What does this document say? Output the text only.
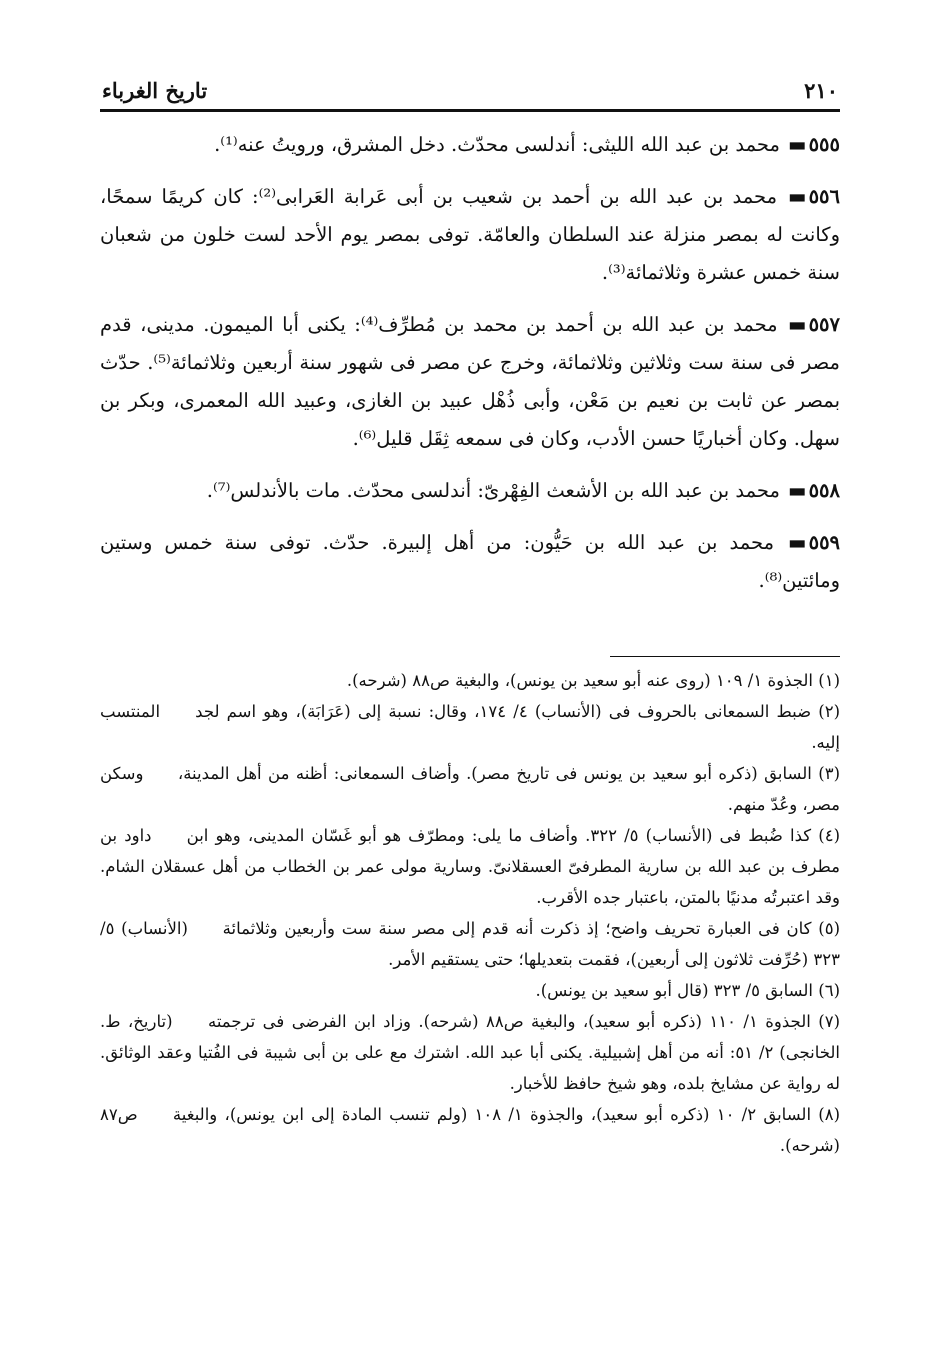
٢١٠
تاريخ الغرباء

٥٥٥▬ محمد بن عبد الله الليثى: أندلسى محدّث. دخل المشرق، ورويتُ عنه⁽¹⁾.

٥٥٦▬ محمد بن عبد الله بن أحمد بن شعيب بن أبى عَرابة العَرابى⁽²⁾: كان كريمًا سمحًا، وكانت له بمصر منزلة عند السلطان والعامّة. توفى بمصر يوم الأحد لست خلون من شعبان سنة خمس عشرة وثلاثمائة⁽³⁾.

٥٥٧▬ محمد بن عبد الله بن أحمد بن محمد بن مُطرِّف⁽⁴⁾: يكنى أبا الميمون. مدينى، قدم مصر فى سنة ست وثلاثين وثلاثمائة، وخرج عن مصر فى شهور سنة أربعين وثلاثمائة⁽⁵⁾. حدّث بمصر عن ثابت بن نعيم بن مَعْن، وأبى ذُهْل عبيد بن الغازى، وعبيد الله المعمرى، وبكر بن سهل. وكان أخباريًا حسن الأدب، وكان فى سمعه ثِقَل قليل⁽⁶⁾.

٥٥٨▬ محمد بن عبد الله بن الأشعث الفِهْرىّ: أندلسى محدّث. مات بالأندلس⁽⁷⁾.

٥٥٩▬ محمد بن عبد الله بن حَيُّون: من أهل إلبيرة. حدّث. توفى سنة خمس وستين ومائتين⁽⁸⁾.

(١) الجذوة ١/ ١٠٩ (روى عنه أبو سعيد بن يونس)، والبغية ص٨٨ (شرحه).

(٢) ضبط السمعانى بالحروف فى (الأنساب) ٤/ ١٧٤، وقال: نسبة إلى (عَرَابَة)، وهو اسم لجد المنتسب إليه.

(٣) السابق (ذكره أبو سعيد بن يونس فى تاريخ مصر). وأضاف السمعانى: أظنه من أهل المدينة، وسكن مصر، وعُدّ منهم.

(٤) كذا ضُبط فى (الأنساب) ٥/ ٣٢٢. وأضاف ما يلى: ومطرّف هو أبو غَسّان المدينى، وهو ابن داود بن مطرف بن عبد الله بن سارية المطرفىّ العسقلانىّ. وسارية مولى عمر بن الخطاب من أهل عسقلان الشام. وقد اعتبرتُه مدنيًا بالمتن، باعتبار جده الأقرب.

(٥) كان فى العبارة تحريف واضح؛ إذ ذكرت أنه قدم إلى مصر سنة ست وأربعين وثلاثمائة (الأنساب) ٥/ ٣٢٣ (حُرِّفت ثلاثون إلى أربعين)، فقمت بتعديلها؛ حتى يستقيم الأمر.

(٦) السابق ٥/ ٣٢٣ (قال أبو سعيد بن يونس).

(٧) الجذوة ١/ ١١٠ (ذكره أبو سعيد)، والبغية ص٨٨ (شرحه). وزاد ابن الفرضى فى ترجمته (تاريخ، ط. الخانجى) ٢/ ٥١: أنه من أهل إشبيلية. يكنى أبا عبد الله. اشترك مع على بن أبى شيبة فى الفُتيا وعقد الوثائق. له رواية عن مشايخ بلده، وهو شيخ حافظ للأخبار.

(٨) السابق ٢/ ١٠ (ذكره أبو سعيد)، والجذوة ١/ ١٠٨ (ولم تنسب المادة إلى ابن يونس)، والبغية ص٨٧ (شرحه).
